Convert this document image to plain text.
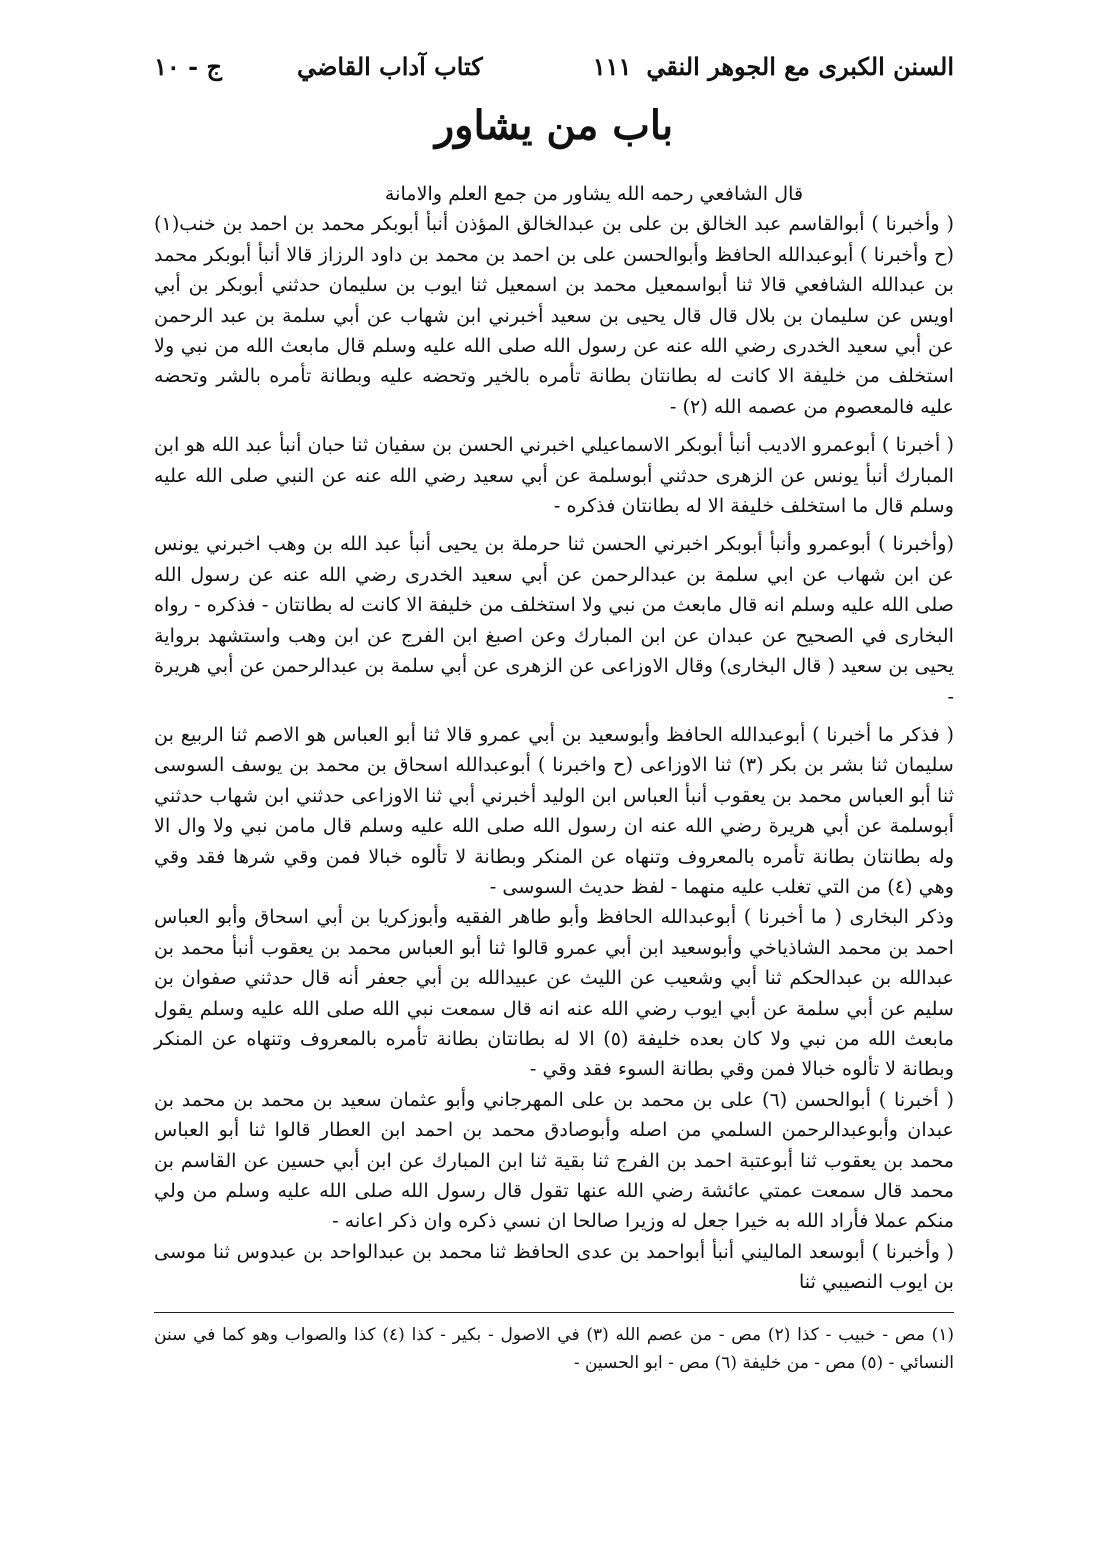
السنن الكبرى مع الجوهر النقي
١١١
كتاب آداب القاضي
ج - ١٠
باب من يشاور

قال الشافعي رحمه الله يشاور من جمع العلم والامانة

( وأخبرنا ) أبوالقاسم عبد الخالق بن على بن عبدالخالق المؤذن أنبأ أبوبكر محمد بن احمد بن خنب(١)(ح وأخبرنا ) أبوعبدالله الحافظ وأبوالحسن على بن احمد بن محمد بن داود الرزاز قالا أنبأ أبوبكر محمد بن عبدالله الشافعي قالا ثنا أبواسمعيل محمد بن اسمعيل ثنا ايوب بن سليمان حدثني أبوبكر بن أبي اويس عن سليمان بن بلال قال قال يحيى بن سعيد أخبرني ابن شهاب عن أبي سلمة بن عبد الرحمن عن أبي سعيد الخدرى رضي الله عنه عن رسول الله صلى الله عليه وسلم قال مابعث الله من نبي ولا استخلف من خليفة الا كانت له بطانتان بطانة تأمره بالخير وتحضه عليه وبطانة تأمره بالشر وتحضه عليه فالمعصوم من عصمه الله (٢) -

( أخبرنا ) أبوعمرو الاديب أنبأ أبوبكر الاسماعيلي اخبرني الحسن بن سفيان ثنا حبان أنبأ عبد الله هو ابن المبارك أنبأ يونس عن الزهرى حدثني أبوسلمة عن أبي سعيد رضي الله عنه عن النبي صلى الله عليه وسلم قال ما استخلف خليفة الا له بطانتان فذكره -

(وأخبرنا ) أبوعمرو وأنبأ أبوبكر اخبرني الحسن ثنا حرملة بن يحيى أنبأ عبد الله بن وهب اخبرني يونس عن ابن شهاب عن ابي سلمة بن عبدالرحمن عن أبي سعيد الخدرى رضي الله عنه عن رسول الله صلى الله عليه وسلم انه قال مابعث من نبي ولا استخلف من خليفة الا كانت له بطانتان - فذكره - رواه البخارى في الصحيح عن عبدان عن ابن المبارك وعن اصبغ ابن الفرج عن ابن وهب واستشهد برواية يحيى بن سعيد ( قال البخارى) وقال الاوزاعى عن الزهرى عن أبي سلمة بن عبدالرحمن عن أبي هريرة -

( فذكر ما أخبرنا ) أبوعبدالله الحافظ وأبوسعيد بن أبي عمرو قالا ثنا أبو العباس هو الاصم ثنا الربيع بن سليمان ثنا بشر بن بكر (٣) ثنا الاوزاعى (ح واخبرنا ) أبوعبدالله اسحاق بن محمد بن يوسف السوسى ثنا أبو العباس محمد بن يعقوب أنبأ العباس ابن الوليد أخبرني أبي ثنا الاوزاعى حدثني ابن شهاب حدثني أبوسلمة عن أبي هريرة رضي الله عنه ان رسول الله صلى الله عليه وسلم قال مامن نبي ولا وال الا وله بطانتان بطانة تأمره بالمعروف وتنهاه عن المنكر وبطانة لا تألوه خبالا فمن وقي شرها فقد وقي وهي (٤) من التي تغلب عليه منهما - لفظ حديث السوسى -

وذكر البخارى ( ما أخبرنا ) أبوعبدالله الحافظ وأبو طاهر الفقيه وأبوزكريا بن أبي اسحاق وأبو العباس احمد بن محمد الشاذياخي وأبوسعيد ابن أبي عمرو قالوا ثنا أبو العباس محمد بن يعقوب أنبأ محمد بن عبدالله بن عبدالحكم ثنا أبي وشعيب عن الليث عن عبيدالله بن أبي جعفر أنه قال حدثني صفوان بن سليم عن أبي سلمة عن أبي ايوب رضي الله عنه انه قال سمعت نبي الله صلى الله عليه وسلم يقول مابعث الله من نبي ولا كان بعده خليفة (٥) الا له بطانتان بطانة تأمره بالمعروف وتنهاه عن المنكر وبطانة لا تألوه خبالا فمن وقي بطانة السوء فقد وقي -

( أخبرنا ) أبوالحسن (٦) على بن محمد بن على المهرجاني وأبو عثمان سعيد بن محمد بن محمد بن عبدان وأبوعبدالرحمن السلمي من اصله وأبوصادق محمد بن احمد ابن العطار قالوا ثنا أبو العباس محمد بن يعقوب ثنا أبوعتبة احمد بن الفرج ثنا بقية ثنا ابن المبارك عن ابن أبي حسين عن القاسم بن محمد قال سمعت عمتي عائشة رضي الله عنها تقول قال رسول الله صلى الله عليه وسلم من ولي منكم عملا فأراد الله به خيرا جعل له وزيرا صالحا ان نسي ذكره وان ذكر اعانه -

( وأخبرنا ) أبوسعد الماليني أنبأ أبواحمد بن عدى الحافظ ثنا محمد بن عبدالواحد بن عبدوس ثنا موسى بن ايوب النصيبي ثنا

(١) مص - خبيب - كذا (٢) مص - من عصم الله (٣) في الاصول - بكير - كذا (٤) كذا والصواب وهو كما في سنن النسائي - (٥) مص - من خليفة (٦) مص - ابو الحسين -
